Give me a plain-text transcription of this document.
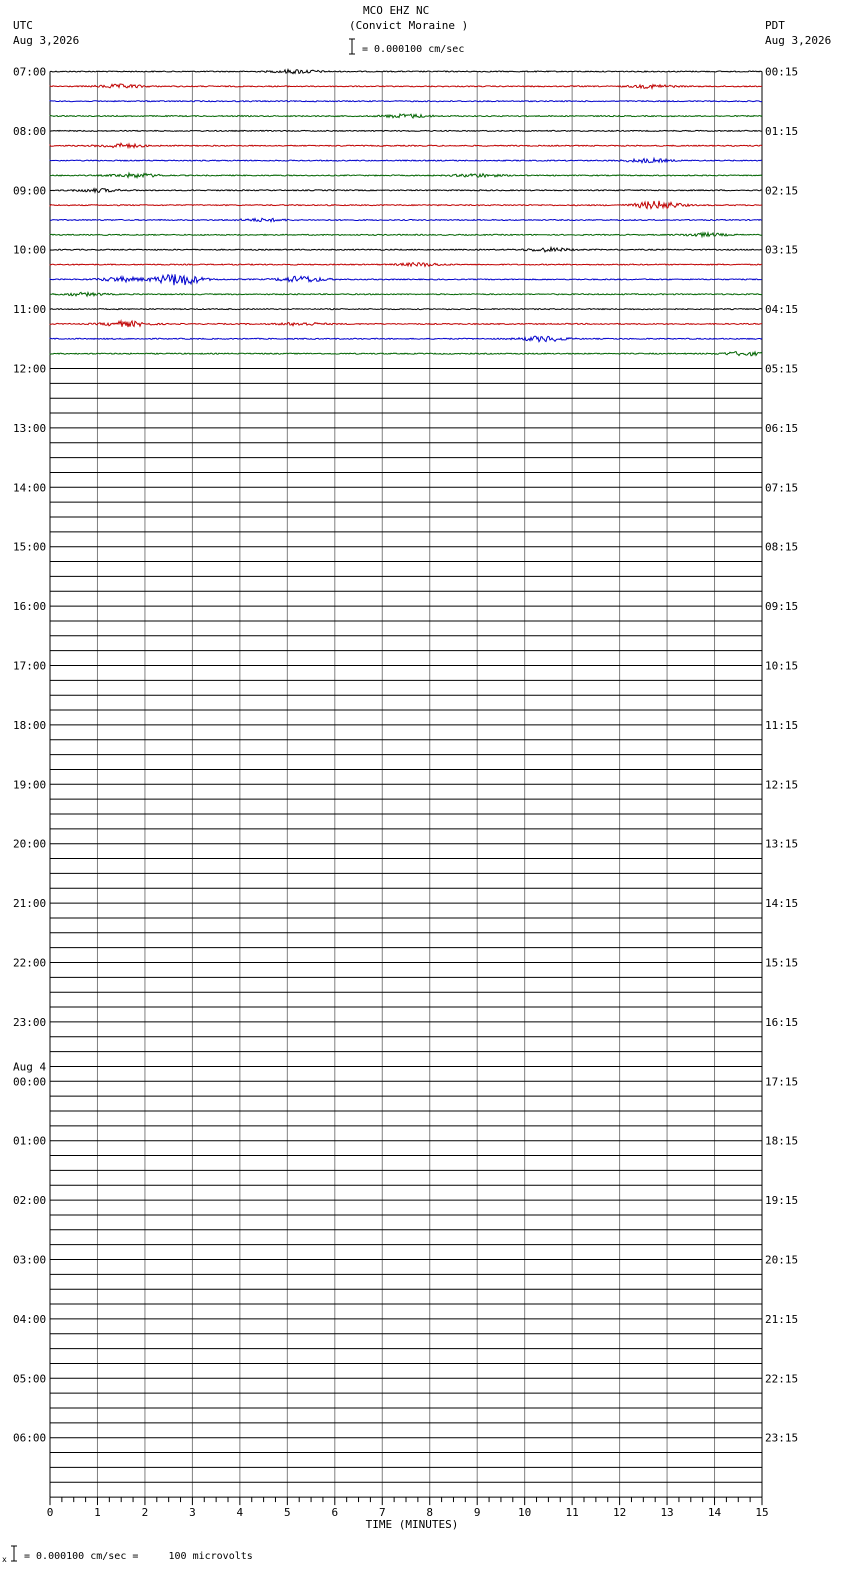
MCO EHZ NC
(Convict Moraine )
UTC
Aug 3,2026
PDT
Aug 3,2026
= 0.000100 cm/sec
07:00
08:00
09:00
10:00
11:00
12:00
13:00
14:00
15:00
16:00
17:00
18:00
19:00
20:00
21:00
22:00
23:00
00:00
01:00
02:00
03:00
04:00
05:00
06:00
00:15
01:15
02:15
03:15
04:15
05:15
06:15
07:15
08:15
09:15
10:15
11:15
12:15
13:15
14:15
15:15
16:15
17:15
18:15
19:15
20:15
21:15
22:15
23:15
Aug 4
0	1	2	3	4	5	6	7	8	9	10	11	12	13	14	15
TIME (MINUTES)
x = 0.000100 cm/sec =     100 microvolts
